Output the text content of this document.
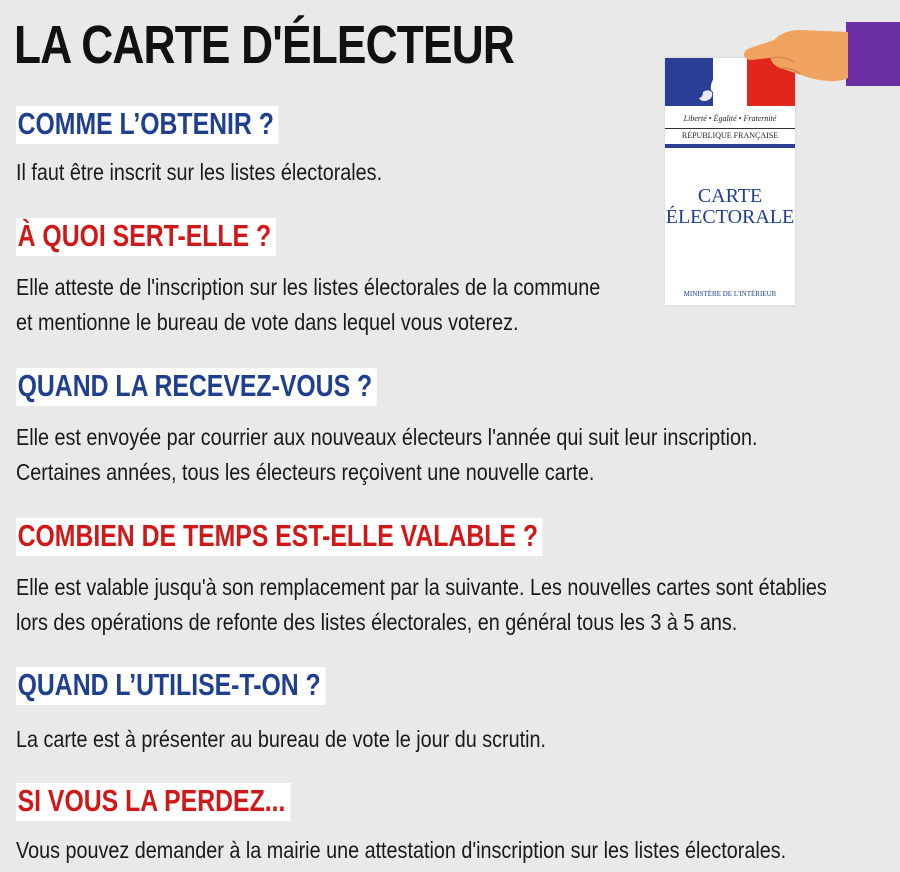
LA CARTE D'ÉLECTEUR
COMME L’OBTENIR ?
Il faut être inscrit sur les listes électorales.
À QUOI SERT-ELLE ?
Elle atteste de l'inscription sur les listes électorales de la commune
et mentionne le bureau de vote dans lequel vous voterez.
QUAND LA RECEVEZ-VOUS ?
Elle est envoyée par courrier aux nouveaux électeurs l'année qui suit leur inscription.
Certaines années, tous les électeurs reçoivent une nouvelle carte.
COMBIEN DE TEMPS EST-ELLE VALABLE ?
Elle est valable jusqu'à son remplacement par la suivante. Les nouvelles cartes sont établies
lors des opérations de refonte des listes électorales, en général tous les 3 à 5 ans.
QUAND L’UTILISE-T-ON ?
La carte est à présenter au bureau de vote le jour du scrutin.
SI VOUS LA PERDEZ...
Vous pouvez demander à la mairie une attestation d'inscription sur les listes électorales.
Liberté • Égalité • Fraternité
RÉPUBLIQUE FRANÇAISE
CARTE
ÉLECTORALE
MINISTÈRE DE L'INTÉRIEUR
